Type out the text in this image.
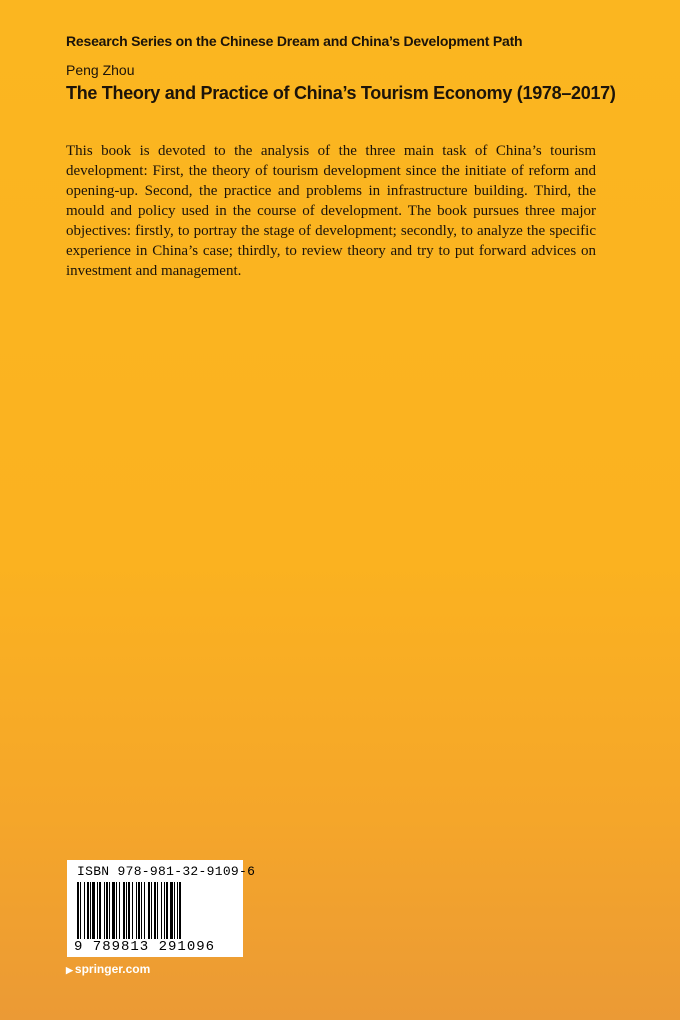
Research Series on the Chinese Dream and China’s Development Path
Peng Zhou
The Theory and Practice of China’s Tourism Economy (1978–2017)

This book is devoted to the analysis of the three main task of China’s tourism development: First, the theory of tourism development since the initiate of reform and opening-up. Second, the practice and problems in infrastructure building. Third, the mould and policy used in the course of development. The book pursues three major objectives: firstly, to portray the stage of development; secondly, to analyze the specific experience in China’s case; thirdly, to review theory and try to put forward advices on investment and management.

ISBN 978-981-32-9109-6
9 789813 291096
▶ springer.com
